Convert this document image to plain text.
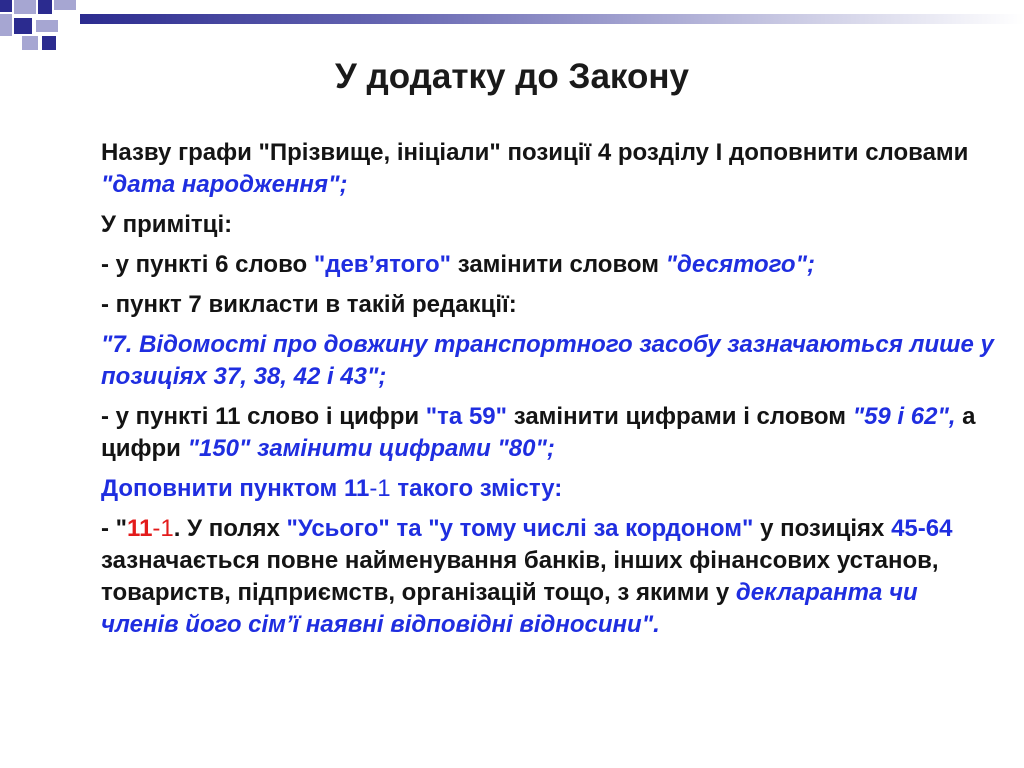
У додатку до Закону

Назву графи "Прізвище, ініціали" позиції 4 розділу І доповнити словами "дата народження";

У примітці:

- у пункті 6 слово "дев’ятого" замінити словом "десятого";

- пункт 7 викласти в такій редакції:

"7. Відомості про довжину транспортного засобу зазначаються лише у позиціях 37, 38, 42 і 43";

- у пункті 11 слово і цифри "та 59" замінити цифрами і словом "59 і 62", а цифри "150" замінити цифрами "80";

Доповнити пунктом 11-1 такого змісту:

- "11-1. У полях "Усього" та "у тому числі за кордоном" у позиціях 45-64 зазначається повне найменування банків, інших фінансових установ, товариств, підприємств, організацій тощо, з якими у декларанта чи членів його сім’ї наявні відповідні відносини".
